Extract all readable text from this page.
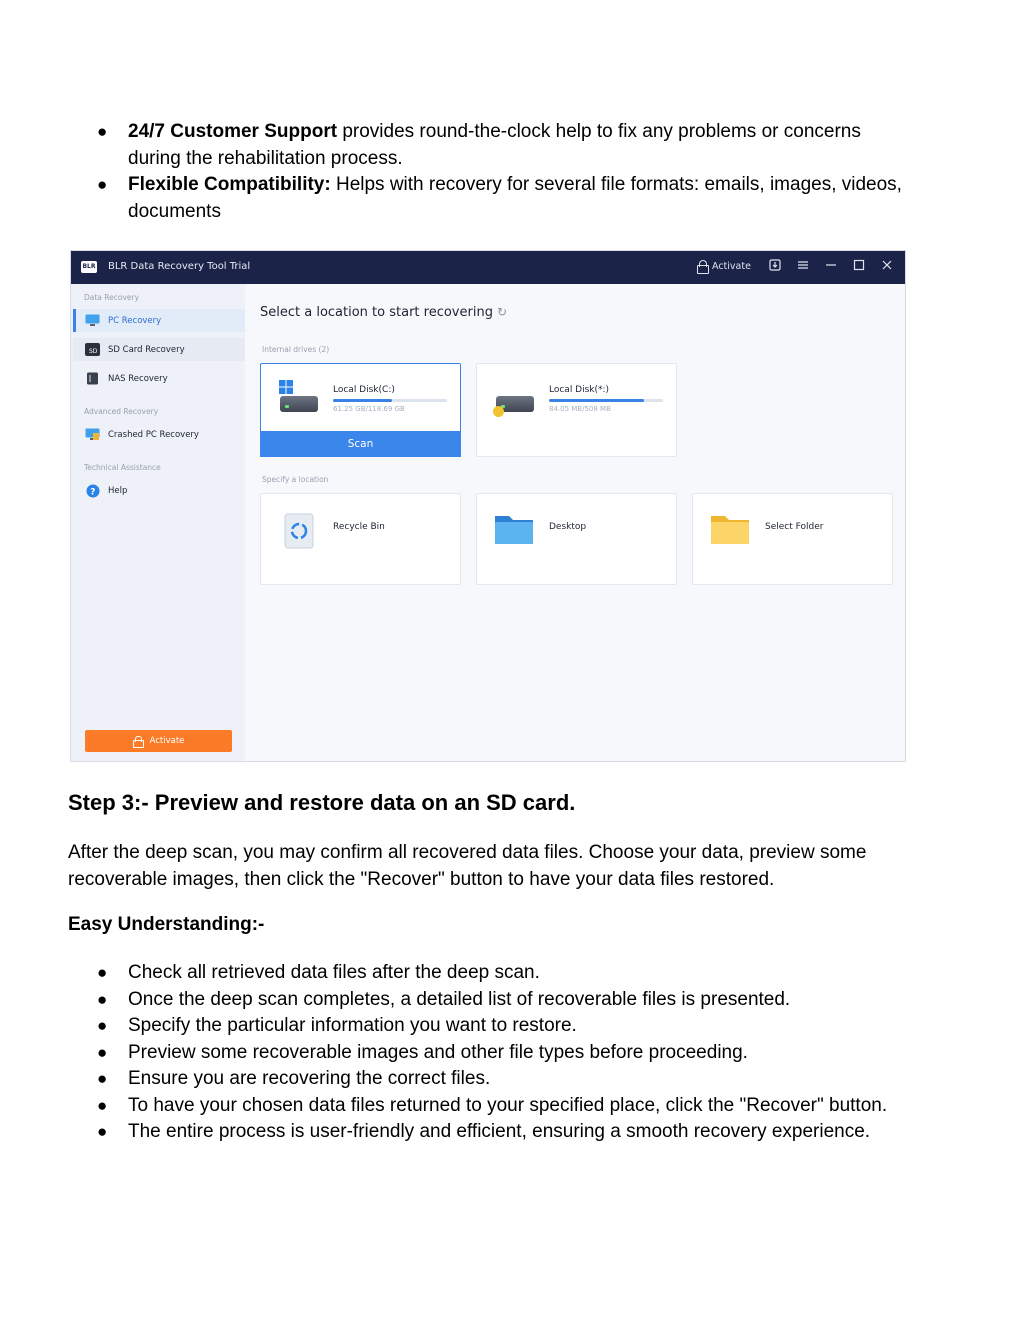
● 24/7 Customer Support provides round-the-clock help to fix any problems or concerns during the rehabilitation process.
● Flexible Compatibility: Helps with recovery for several file formats: emails, images, videos, documents
BLR BLR Data Recovery Tool Trial	Activate
Data Recovery
PC Recovery
SD SD Card Recovery
NAS Recovery
Advanced Recovery
Crashed PC Recovery
Technical Assistance
? Help
Activate
Select a location to start recovering ↻
Internal drives (2)
Local Disk(C:)
61.25 GB/118.69 GB
Scan
Local Disk(*:)
84.05 MB/508 MB
Specify a location
Recycle Bin	Desktop	Select Folder
Step 3:- Preview and restore data on an SD card.

After the deep scan, you may confirm all recovered data files. Choose your data, preview some recoverable images, then click the "Recover" button to have your data files restored.

Easy Understanding:-
● Check all retrieved data files after the deep scan.
● Once the deep scan completes, a detailed list of recoverable files is presented.
● Specify the particular information you want to restore.
● Preview some recoverable images and other file types before proceeding.
● Ensure you are recovering the correct files.
● To have your chosen data files returned to your specified place, click the "Recover" button.
● The entire process is user-friendly and efficient, ensuring a smooth recovery experience.
